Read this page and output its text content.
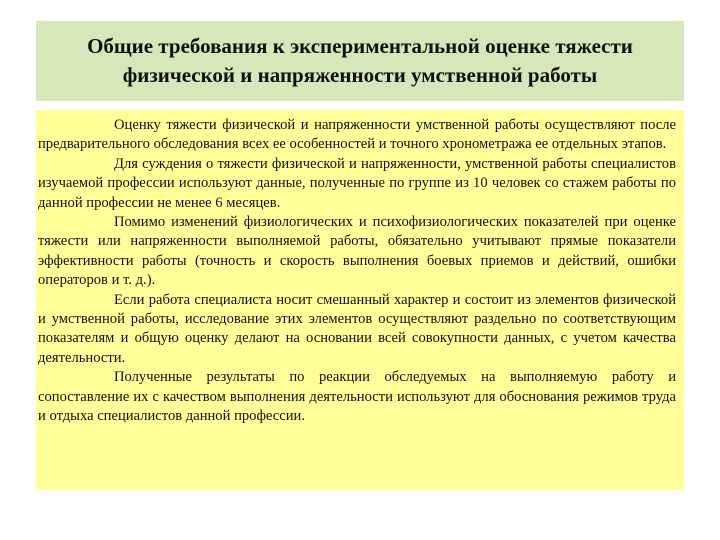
Общие требования к экспериментальной оценке тяжести
физической и напряженности умственной работы

Оценку тяжести физической и напряженности умственной работы осуществляют после предварительного обследования всех ее особенностей и точного хронометража ее отдельных этапов.

Для суждения о тяжести физической и напряженности, умственной работы специалистов изучаемой профессии используют данные, полученные по группе из 10 человек со стажем работы по данной профессии не менее 6 месяцев.

Помимо изменений физиологических и психофизиологических показателей при оценке тяжести или напряженности выполняемой работы, обязательно учитывают прямые показатели эффективности работы (точность и скорость выполнения боевых приемов и действий, ошибки операторов и т. д.).

Если работа специалиста носит смешанный характер и состоит из элементов физической и умственной работы, исследование этих элементов осуществляют раздельно по соответствующим показателям и общую оценку делают на основании всей совокупности данных, с учетом качества деятельности.

Полученные результаты по реакции обследуемых на выполняемую работу и сопоставление их с качеством выполнения деятельности используют для обоснования режимов труда и отдыха специалистов данной профессии.
